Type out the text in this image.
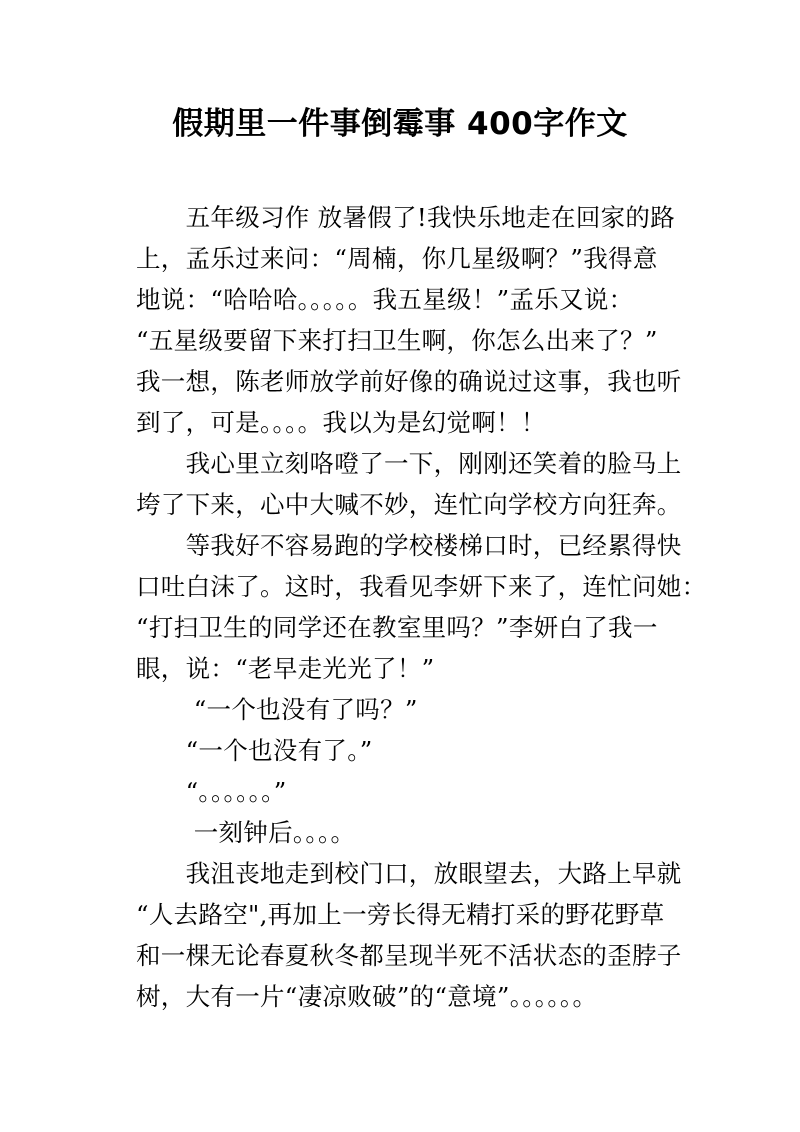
假期里一件事倒霉事 400字作文
　　五年级习作 放暑假了!我快乐地走在回家的路
上，孟乐过来问：“周楠，你几星级啊？”我得意
地说：“哈哈哈。。。。。我五星级！”孟乐又说：
“五星级要留下来打扫卫生啊，你怎么出来了？”
我一想，陈老师放学前好像的确说过这事，我也听
到了，可是。。。。我以为是幻觉啊！！
　　我心里立刻咯噔了一下，刚刚还笑着的脸马上
垮了下来，心中大喊不妙，连忙向学校方向狂奔。
　　等我好不容易跑的学校楼梯口时，已经累得快
口吐白沫了。这时，我看见李妍下来了，连忙问她：
“打扫卫生的同学还在教室里吗？”李妍白了我一
眼，说：“老早走光光了！”
　　 “一个也没有了吗？”
　　“一个也没有了。”
　　“。。。。。。”
　　 一刻钟后。。。。
　　我沮丧地走到校门口，放眼望去，大路上早就
“人去路空",再加上一旁长得无精打采的野花野草
和一棵无论春夏秋冬都呈现半死不活状态的歪脖子
树，大有一片“凄凉败破”的“意境”。。。。。。
